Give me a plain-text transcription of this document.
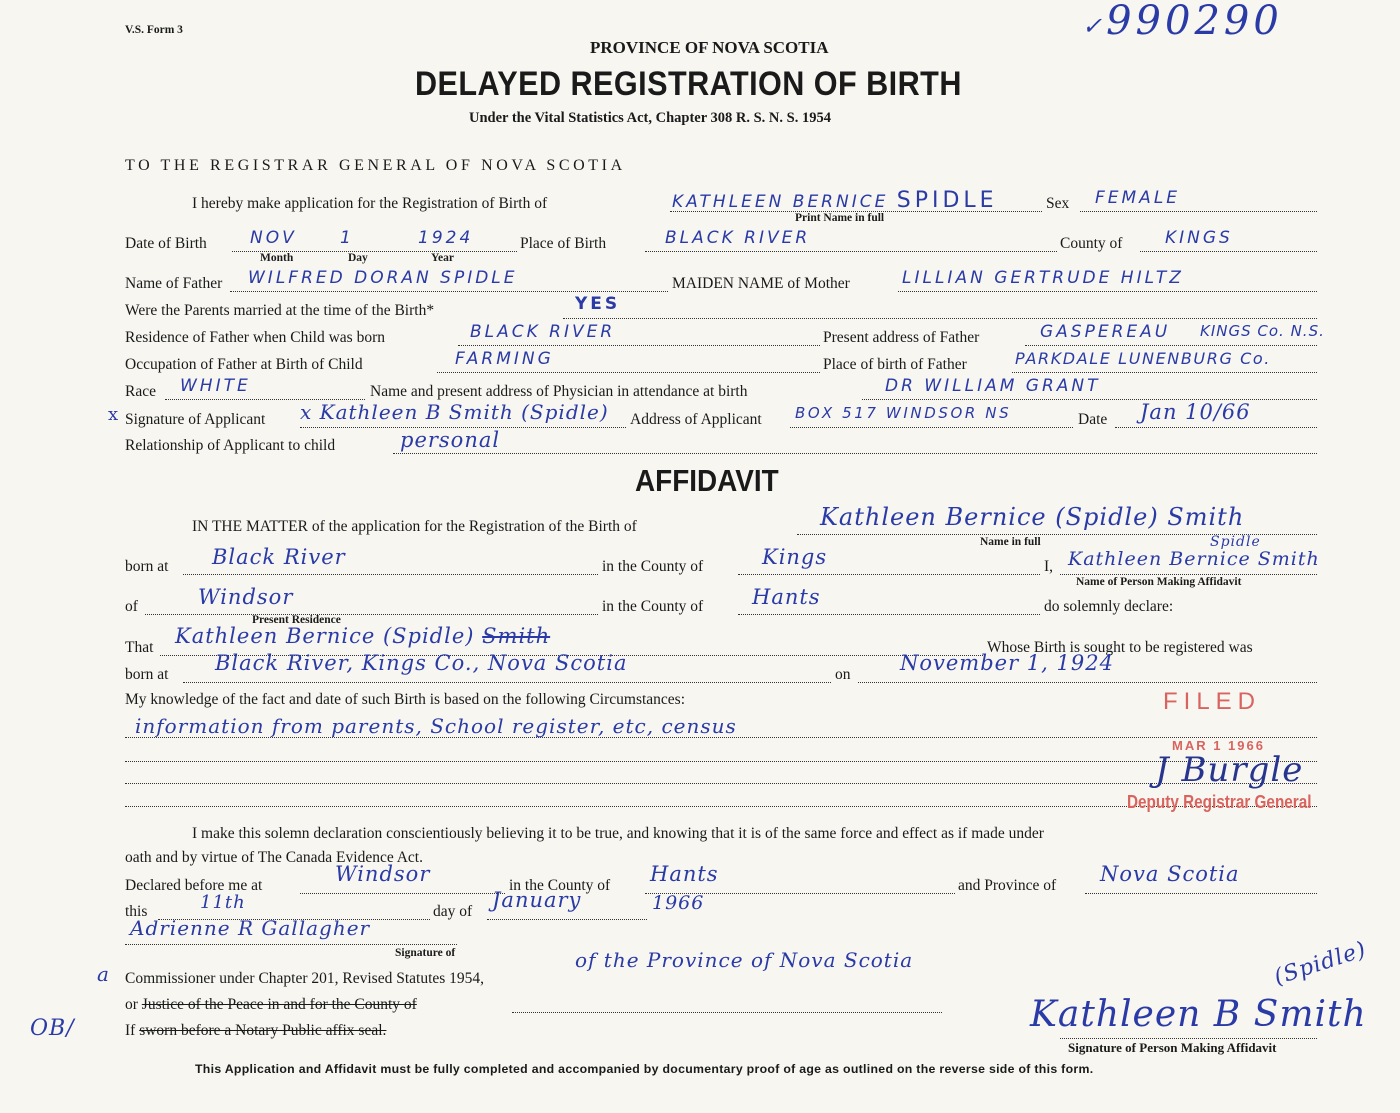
V.S. Form 3	✓990290
PROVINCE OF NOVA SCOTIA
DELAYED REGISTRATION OF BIRTH
Under the Vital Statistics Act, Chapter 308 R. S. N. S. 1954
TO THE REGISTRAR GENERAL OF NOVA SCOTIA
I hereby make application for the Registration of Birth of	KATHLEEN BERNICE SPIDLE
Print Name in full
Sex FEMALE
Date of Birth	NOV	1	1924
Month	Day	Year
Place of Birth	BLACK RIVER	County of	KINGS
Name of Father WILFRED DORAN SPIDLE	MAIDEN NAME of Mother	LILLIAN GERTRUDE HILTZ
Were the Parents married at the time of the Birth*	YES
Residence of Father when Child was born	BLACK RIVER	Present address of Father	GASPEREAU KINGS Co. N.S.
Occupation of Father at Birth of Child	FARMING	Place of birth of Father	PARKDALE LUNENBURG Co.
Race WHITE	Name and present address of Physician in attendance at birth	DR WILLIAM GRANT
x Signature of Applicant x Kathleen B Smith (Spidle) Address of Applicant BOX 517 WINDSOR NS	Date Jan 10/66
Relationship of Applicant to child	personal
AFFIDAVIT
IN THE MATTER of the application for the Registration of the Birth of	Kathleen Bernice (Spidle) Smith
Name in full
born at Black River	in the County of	Kings	I,
Spidle
Kathleen Bernice Smith
Name of Person Making Affidavit
of	Windsor
Present Residence
in the County of Hants	do solemnly declare:
That Kathleen Bernice (Spidle) Smith	Whose Birth is sought to be registered was
born at Black River, Kings Co., Nova Scotia	on November 1, 1924
My knowledge of the fact and date of such Birth is based on the following Circumstances:
information from parents, School register, etc, census
FILED
MAR 1 1966
Deputy Registrar General
J Burgle
I make this solemn declaration conscientiously believing it to be true, and knowing that it is of the same force and effect as if made under
oath and by virtue of The Canada Evidence Act.
Declared before me at	Windsor	in the County of Hants	and Province of Nova Scotia
this	11th	day of January	1966
Adrienne R Gallagher
Signature of
a Commissioner under Chapter 201, Revised Statutes 1954,
of the Province of Nova Scotia
or Justice of the Peace in and for the County of
OB/	If sworn before a Notary Public affix seal.
(Spidle)
Kathleen B Smith
Signature of Person Making Affidavit
This Application and Affidavit must be fully completed and accompanied by documentary proof of age as outlined on the reverse side of this form.
